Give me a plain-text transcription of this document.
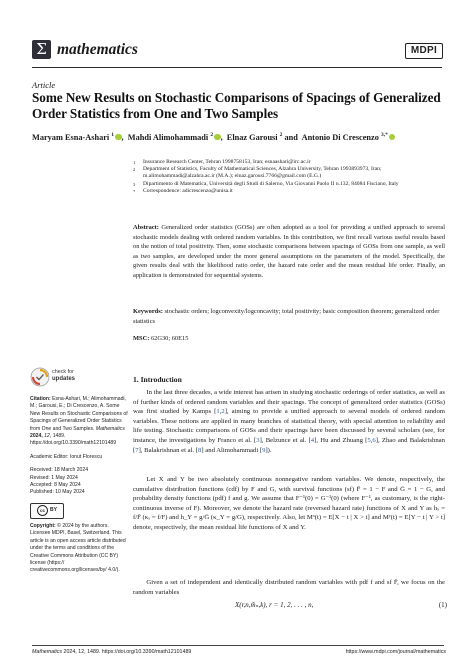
Σ mathematics	MDPI
Article
Some New Results on Stochastic Comparisons of Spacings of Generalized Order Statistics from One and Two Samples
Maryam Esna-Ashari $^1$ ,  Mahdi Alimohammadi $^2$ ,  Elnaz Garousi $^2$ and  Antonio Di Crescenzo $^{3,*}$
1 Insurance Research Center, Tehran 1998758153, Iran; esnaashari@irc.ac.ir
2 Department of Statistics, Faculty of Mathematical Sciences, Alzahra University, Tehran 1993893973, Iran; m.alimohammadi@alzahra.ac.ir (M.A.); elnaz.garousi.7766@gmail.com (E.G.)
3 Dipartimento di Matematica, Università degli Studi di Salerno, Via Giovanni Paolo II n.132, 84084 Fisciano, Italy
* Correspondence: adicrescenzo@unisa.it
Abstract: Generalized order statistics (GOSs) are often adopted as a tool for providing a unified approach to several stochastic models dealing with ordered random variables. In this contribution, we first recall various useful results based on the notion of total positivity. Then, some stochastic comparisons between spacings of GOSs from one sample, as well as two samples, are developed under the more general assumptions on the parameters of the model. Specifically, the given results deal with the likelihood ratio order, the hazard rate order and the mean residual life order. Finally, an application is demonstrated for sequential systems.
Keywords: stochastic orders; logconvexity/logconcavity; total positivity; basic composition theorem; generalized order statistics
MSC: 62G30; 60E15
check for
updates
Citation: Esna-Ashari, M.; Alimohammadi, M.; Garousi, E.; Di Crescenzo, A. Some New Results on Stochastic Comparisons of Spacings of Generalized Order Statistics from One and Two Samples. Mathematics 2024, 12, 1489. https://doi.org/10.3390/math12101489
Academic Editor: Ionut Florescu
Received: 18 March 2024
Revised: 1 May 2024
Accepted: 8 May 2024
Published: 10 May 2024
cc	BY
Copyright: © 2024 by the authors. Licensee MDPI, Basel, Switzerland. This article is an open access article distributed under the terms and conditions of the Creative Commons Attribution (CC BY) license (https:// creativecommons.org/licenses/by/ 4.0/).
1. Introduction
  In the last three decades, a wide interest has arisen in studying stochastic orderings of order statistics, as well as of further kinds of ordered random variables and their spacings. The concept of generalized order statistics (GOSs) was first studied by Kamps [1,2], aiming to provide a unified approach to several models of ordered random variables. These notions are applied in many branches of statistical theory, with special attention to reliability and life testing. Stochastic comparisons of GOSs and their spacings have been discussed by several scholars (see, for instance, the investigations by Franco et al. [3], Belzunce et al. [4], Hu and Zhuang [5,6], Zhao and Balakrishnan [7], Balakrishnan et al. [8] and Alimohammadi [9]).
  Let X and Y be two absolutely continuous nonnegative random variables. We denote, respectively, the cumulative distribution functions (cdf) by F and G, with survival functions (sf) F̄ = 1 − F and Ḡ = 1 − G, and probability density functions (pdf) f and g. We assume that F⁻¹(0) = G⁻¹(0) (where F⁻¹, as customary, is the right-continuous inverse of F). Moreover, we denote the hazard rate (reversed hazard rate) functions of X and Y as hₓ = f/F̄ (κₓ = f/F) and h_Y = g/Ḡ (κ_Y = g/G), respectively. Also, let Mˣ(t) = E[X − t | X > t] and Mʸ(t) = E[Y − t | Y > t] denote, respectively, the mean residual life functions of X and Y.
  Given a set of independent and identically distributed random variables with pdf f and sf F̄, we focus on the random variables
X(r,n,m̃ₙ,k), r = 1, 2, . . . , n,	(1)
Mathematics 2024, 12, 1489. https://doi.org/10.3390/math12101489	https://www.mdpi.com/journal/mathematics
